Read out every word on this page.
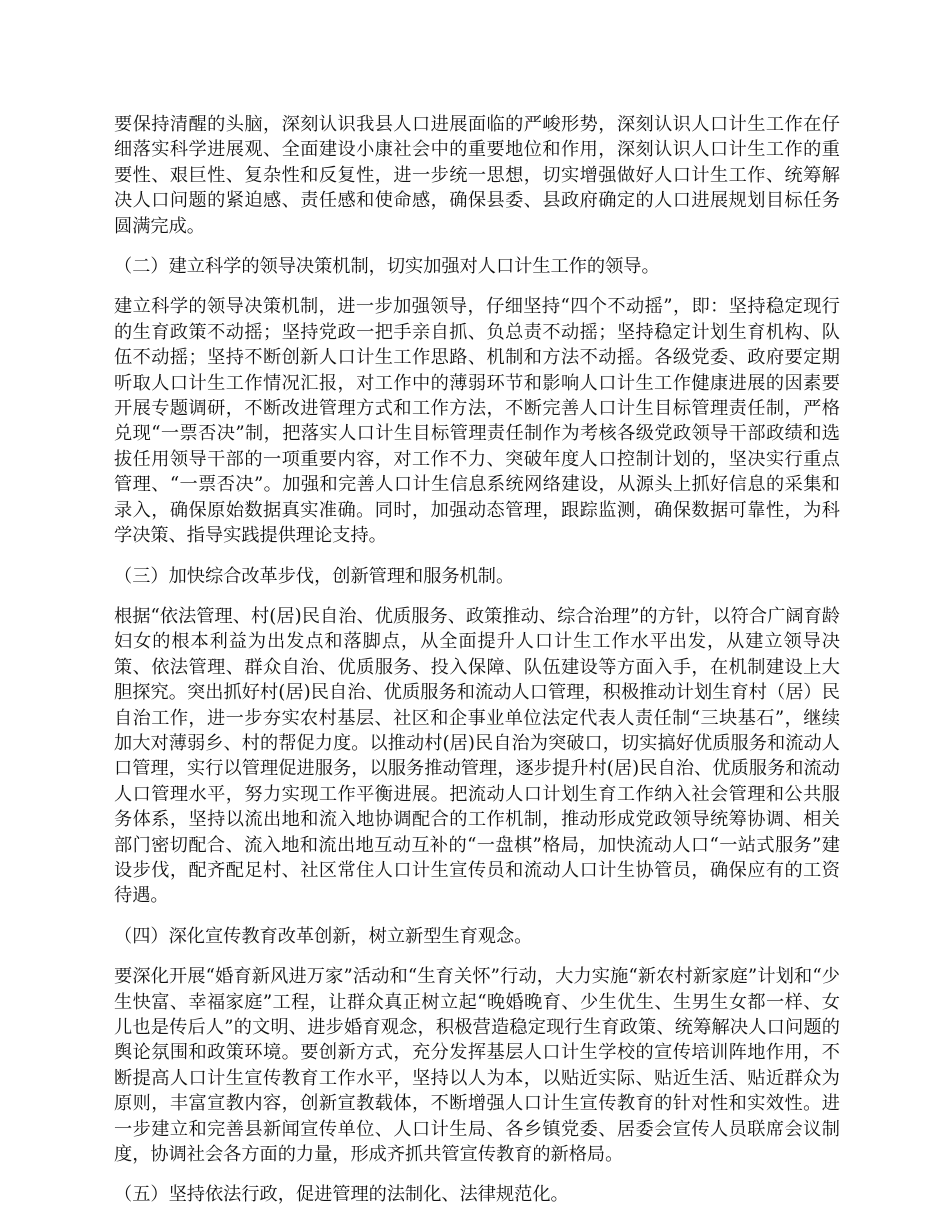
要保持清醒的头脑，深刻认识我县人口进展面临的严峻形势，深刻认识人口计生工作在仔细落实科学进展观、全面建设小康社会中的重要地位和作用，深刻认识人口计生工作的重要性、艰巨性、复杂性和反复性，进一步统一思想，切实增强做好人口计生工作、统筹解决人口问题的紧迫感、责任感和使命感，确保县委、县政府确定的人口进展规划目标任务圆满完成。

（二）建立科学的领导决策机制，切实加强对人口计生工作的领导。

建立科学的领导决策机制，进一步加强领导，仔细坚持“四个不动摇”，即：坚持稳定现行的生育政策不动摇；坚持党政一把手亲自抓、负总责不动摇；坚持稳定计划生育机构、队伍不动摇；坚持不断创新人口计生工作思路、机制和方法不动摇。各级党委、政府要定期听取人口计生工作情况汇报，对工作中的薄弱环节和影响人口计生工作健康进展的因素要开展专题调研，不断改进管理方式和工作方法，不断完善人口计生目标管理责任制，严格兑现“一票否决”制，把落实人口计生目标管理责任制作为考核各级党政领导干部政绩和选拔任用领导干部的一项重要内容，对工作不力、突破年度人口控制计划的，坚决实行重点管理、“一票否决”。加强和完善人口计生信息系统网络建设，从源头上抓好信息的采集和录入，确保原始数据真实准确。同时，加强动态管理，跟踪监测，确保数据可靠性，为科学决策、指导实践提供理论支持。

（三）加快综合改革步伐，创新管理和服务机制。

根据“依法管理、村(居)民自治、优质服务、政策推动、综合治理”的方针，以符合广阔育龄妇女的根本利益为出发点和落脚点，从全面提升人口计生工作水平出发，从建立领导决策、依法管理、群众自治、优质服务、投入保障、队伍建设等方面入手，在机制建设上大胆探究。突出抓好村(居)民自治、优质服务和流动人口管理，积极推动计划生育村（居）民自治工作，进一步夯实农村基层、社区和企事业单位法定代表人责任制“三块基石”，继续加大对薄弱乡、村的帮促力度。以推动村(居)民自治为突破口，切实搞好优质服务和流动人口管理，实行以管理促进服务，以服务推动管理，逐步提升村(居)民自治、优质服务和流动人口管理水平，努力实现工作平衡进展。把流动人口计划生育工作纳入社会管理和公共服务体系，坚持以流出地和流入地协调配合的工作机制，推动形成党政领导统筹协调、相关部门密切配合、流入地和流出地互动互补的“一盘棋”格局，加快流动人口“一站式服务”建设步伐，配齐配足村、社区常住人口计生宣传员和流动人口计生协管员，确保应有的工资待遇。

（四）深化宣传教育改革创新，树立新型生育观念。

要深化开展“婚育新风进万家”活动和“生育关怀”行动，大力实施“新农村新家庭”计划和“少生快富、幸福家庭”工程，让群众真正树立起“晚婚晚育、少生优生、生男生女都一样、女儿也是传后人”的文明、进步婚育观念，积极营造稳定现行生育政策、统筹解决人口问题的舆论氛围和政策环境。要创新方式，充分发挥基层人口计生学校的宣传培训阵地作用，不断提高人口计生宣传教育工作水平，坚持以人为本，以贴近实际、贴近生活、贴近群众为原则，丰富宣教内容，创新宣教载体，不断增强人口计生宣传教育的针对性和实效性。进一步建立和完善县新闻宣传单位、人口计生局、各乡镇党委、居委会宣传人员联席会议制度，协调社会各方面的力量，形成齐抓共管宣传教育的新格局。

（五）坚持依法行政，促进管理的法制化、法律规范化。
